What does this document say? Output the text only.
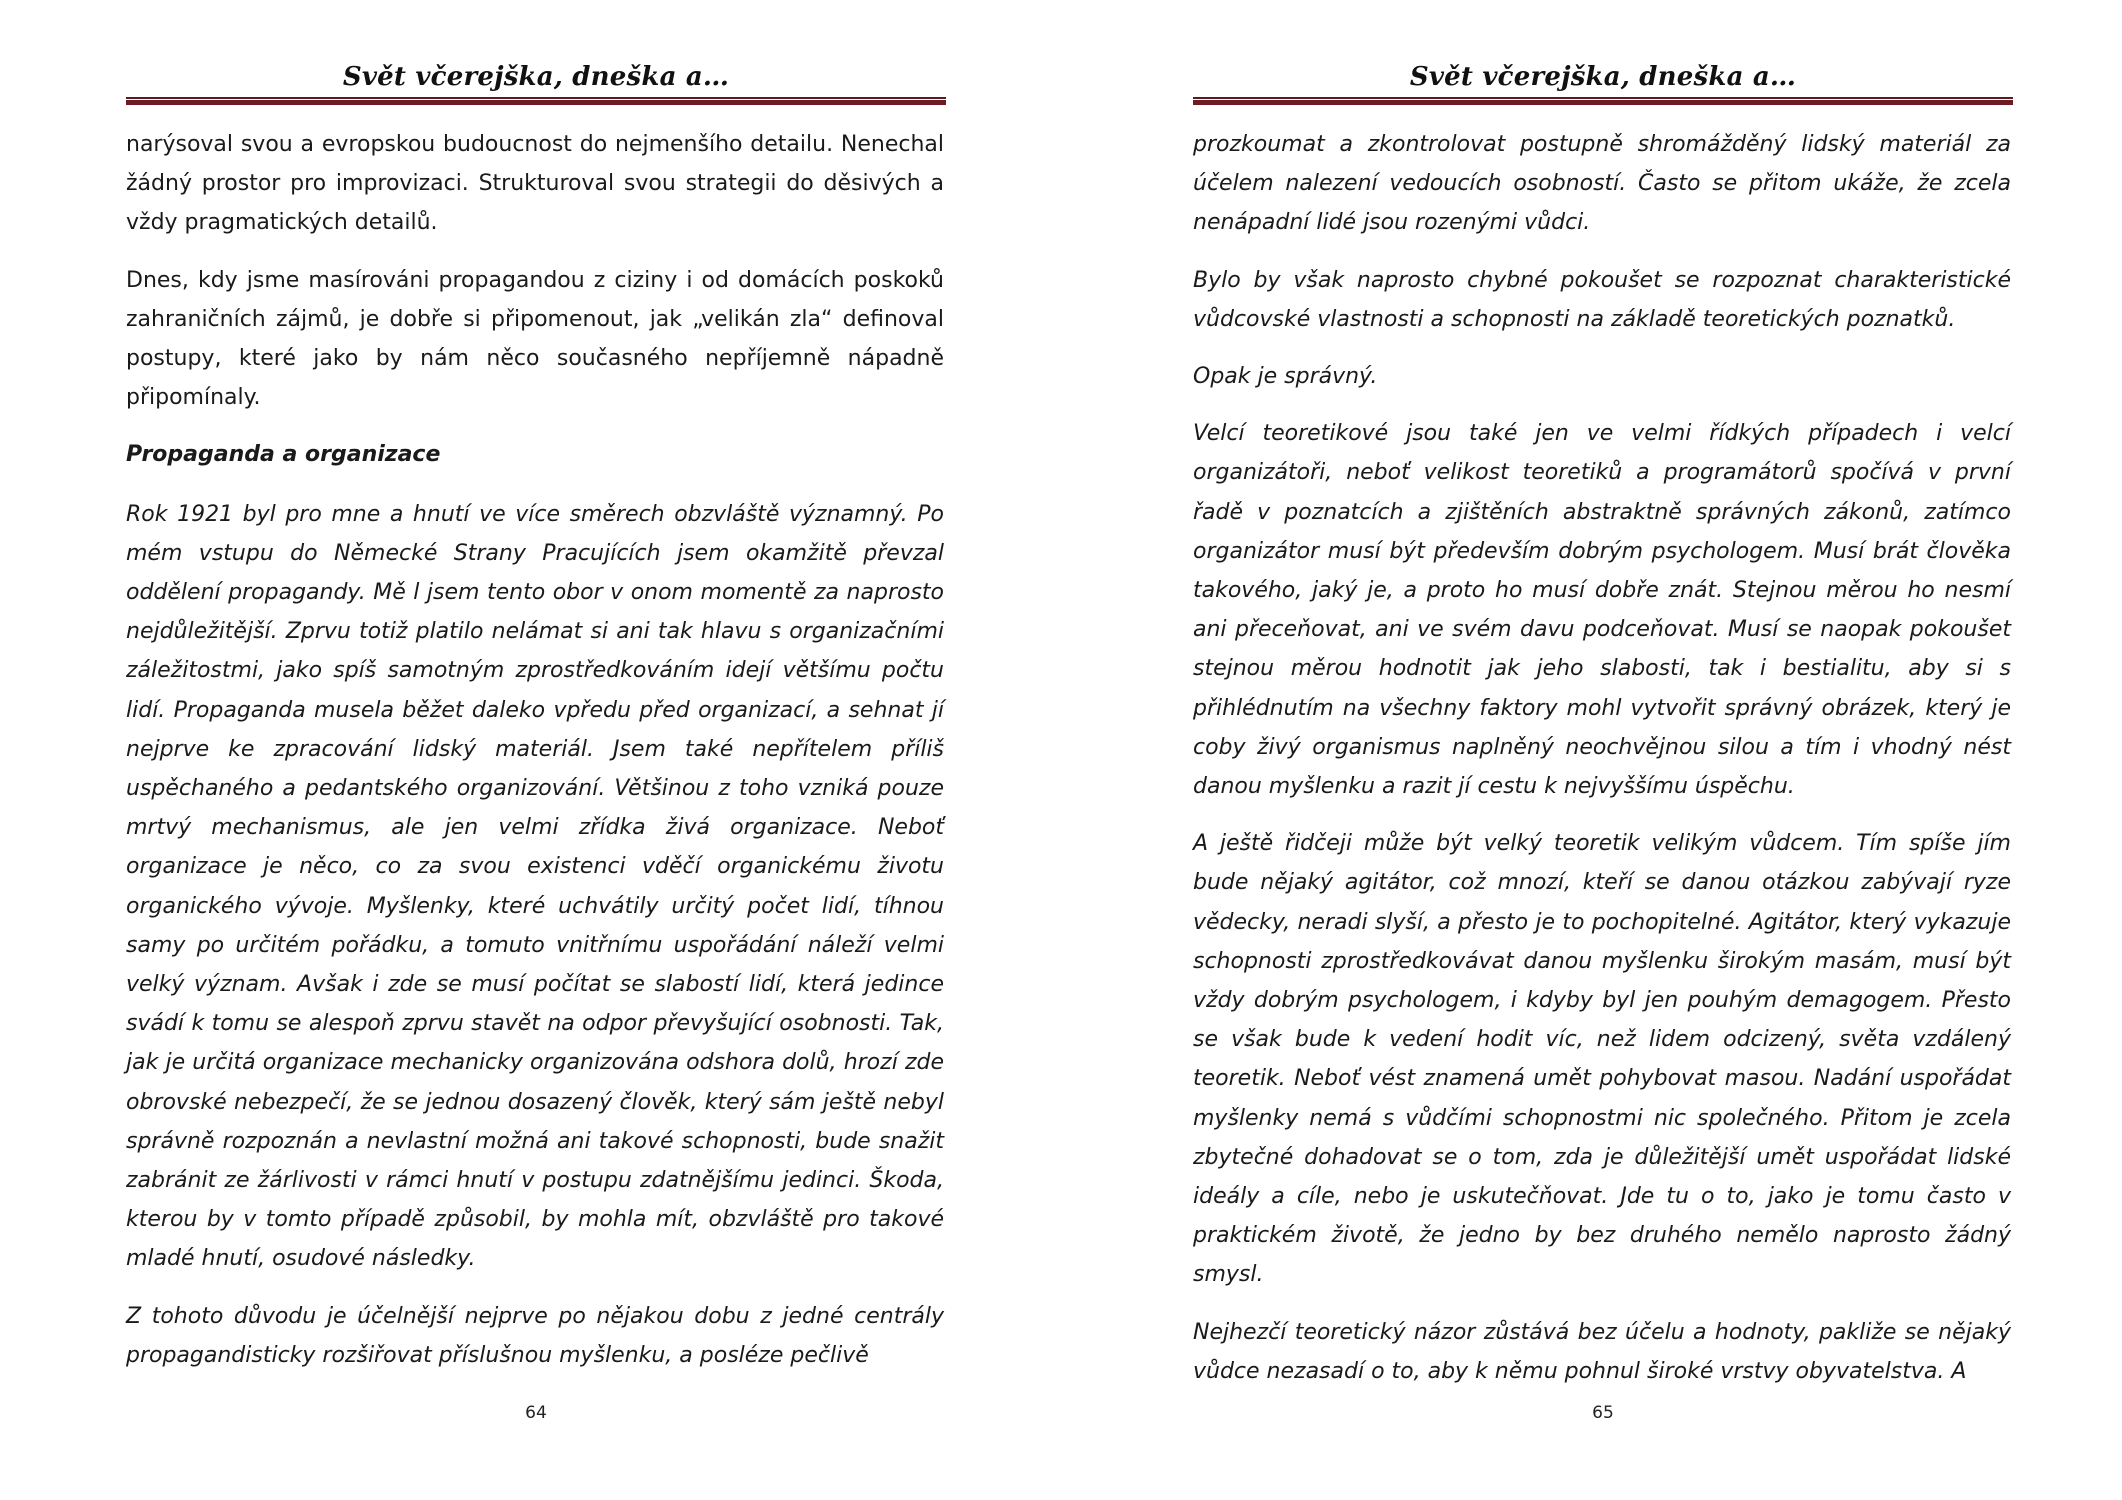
Svět včerejška, dneška a…

narýsoval svou a evropskou budoucnost do nejmenšího detailu. Nenechal žádný prostor pro improvizaci. Strukturoval svou strategii do děsivých a vždy pragmatických detailů.

Dnes, kdy jsme masírováni propagandou z ciziny i od domácích poskoků zahraničních zájmů, je dobře si připomenout, jak „velikán zla“ definoval postupy, které jako by nám něco současného nepříjemně nápadně připomínaly.

Propaganda a organizace

Rok 1921 byl pro mne a hnutí ve více směrech obzvláště významný. Po mém vstupu do Německé Strany Pracujících jsem okamžitě převzal oddělení propagandy. Mě l jsem tento obor v onom momentě za naprosto nejdůležitější. Zprvu totiž platilo nelámat si ani tak hlavu s organizačními záležitostmi, jako spíš samotným zprostředkováním idejí většímu počtu lidí. Propaganda musela běžet daleko vpředu před organizací, a sehnat jí nejprve ke zpracování lidský materiál. Jsem také nepřítelem příliš uspěchaného a pedantského organizování. Většinou z toho vzniká pouze mrtvý mechanismus, ale jen velmi zřídka živá organizace. Neboť organizace je něco, co za svou existenci vděčí organickému životu organického vývoje. Myšlenky, které uchvátily určitý počet lidí, tíhnou samy po určitém pořádku, a tomuto vnitřnímu uspořádání náleží velmi velký význam. Avšak i zde se musí počítat se slabostí lidí, která jedince svádí k tomu se alespoň zprvu stavět na odpor převyšující osobnosti. Tak, jak je určitá organizace mechanicky organizována odshora dolů, hrozí zde obrovské nebezpečí, že se jednou dosazený člověk, který sám ještě nebyl správně rozpoznán a nevlastní možná ani takové schopnosti, bude snažit zabránit ze žárlivosti v rámci hnutí v postupu zdatnějšímu jedinci. Škoda, kterou by v tomto případě způsobil, by mohla mít, obzvláště pro takové mladé hnutí, osudové následky.

Z tohoto důvodu je účelnější nejprve po nějakou dobu z jedné centrály propagandisticky rozšiřovat příslušnou myšlenku, a posléze pečlivě

64
Svět včerejška, dneška a…

prozkoumat a zkontrolovat postupně shromážděný lidský materiál za účelem nalezení vedoucích osobností. Často se přitom ukáže, že zcela nenápadní lidé jsou rozenými vůdci.

Bylo by však naprosto chybné pokoušet se rozpoznat charakteristické vůdcovské vlastnosti a schopnosti na základě teoretických poznatků.

Opak je správný.

Velcí teoretikové jsou také jen ve velmi řídkých případech i velcí organizátoři, neboť velikost teoretiků a programátorů spočívá v první řadě v poznatcích a zjištěních abstraktně správných zákonů, zatímco organizátor musí být především dobrým psychologem. Musí brát člověka takového, jaký je, a proto ho musí dobře znát. Stejnou měrou ho nesmí ani přeceňovat, ani ve svém davu podceňovat. Musí se naopak pokoušet stejnou měrou hodnotit jak jeho slabosti, tak i bestialitu, aby si s přihlédnutím na všechny faktory mohl vytvořit správný obrázek, který je coby živý organismus naplněný neochvějnou silou a tím i vhodný nést danou myšlenku a razit jí cestu k nejvyššímu úspěchu.

A ještě řidčeji může být velký teoretik velikým vůdcem. Tím spíše jím bude nějaký agitátor, což mnozí, kteří se danou otázkou zabývají ryze vědecky, neradi slyší, a přesto je to pochopitelné. Agitátor, který vykazuje schopnosti zprostředkovávat danou myšlenku širokým masám, musí být vždy dobrým psychologem, i kdyby byl jen pouhým demagogem. Přesto se však bude k vedení hodit víc, než lidem odcizený, světa vzdálený teoretik. Neboť vést znamená umět pohybovat masou. Nadání uspořádat myšlenky nemá s vůdčími schopnostmi nic společného. Přitom je zcela zbytečné dohadovat se o tom, zda je důležitější umět uspořádat lidské ideály a cíle, nebo je uskutečňovat. Jde tu o to, jako je tomu často v praktickém životě, že jedno by bez druhého nemělo naprosto žádný smysl.

Nejhezčí teoretický názor zůstává bez účelu a hodnoty, pakliže se nějaký vůdce nezasadí o to, aby k němu pohnul široké vrstvy obyvatelstva. A

65
